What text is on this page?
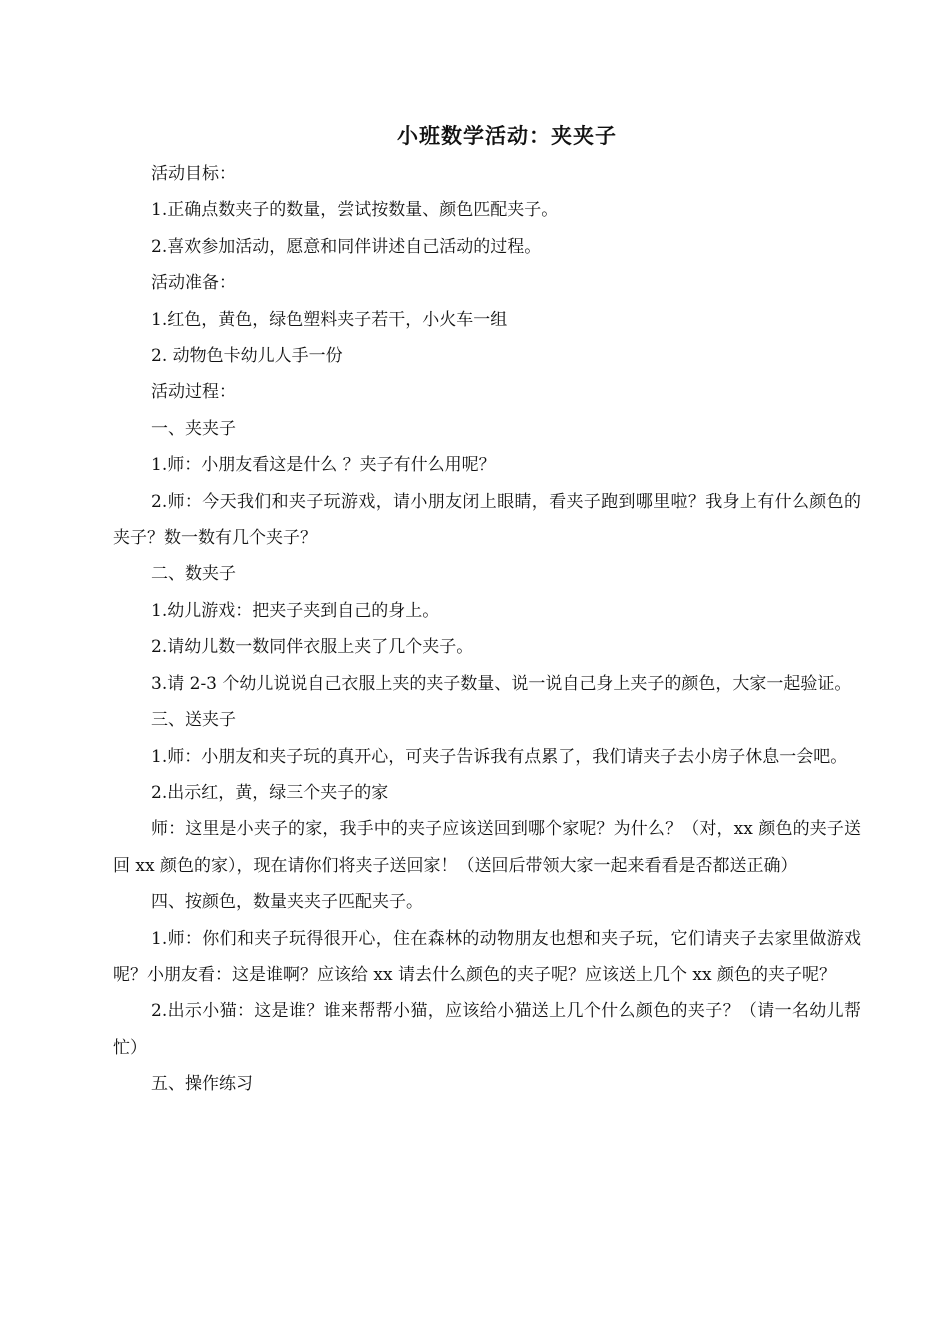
小班数学活动：夹夹子

活动目标：

1.正确点数夹子的数量，尝试按数量、颜色匹配夹子。

2.喜欢参加活动，愿意和同伴讲述自己活动的过程。

活动准备：

1.红色，黄色，绿色塑料夹子若干，小火车一组

2. 动物色卡幼儿人手一份

活动过程：

一、夹夹子

1.师：小朋友看这是什么 ？夹子有什么用呢？

2.师：今天我们和夹子玩游戏，请小朋友闭上眼睛，看夹子跑到哪里啦？我身上有什么颜色的夹子？数一数有几个夹子？

二、数夹子

1.幼儿游戏：把夹子夹到自己的身上。

2.请幼儿数一数同伴衣服上夹了几个夹子。

3.请 2-3 个幼儿说说自己衣服上夹的夹子数量、说一说自己身上夹子的颜色，大家一起验证。

三、送夹子

1.师：小朋友和夹子玩的真开心，可夹子告诉我有点累了，我们请夹子去小房子休息一会吧。

2.出示红，黄，绿三个夹子的家

师：这里是小夹子的家，我手中的夹子应该送回到哪个家呢？为什么？（对，xx 颜色的夹子送回 xx 颜色的家），现在请你们将夹子送回家！（送回后带领大家一起来看看是否都送正确）

四、按颜色，数量夹夹子匹配夹子。

1.师：你们和夹子玩得很开心，住在森林的动物朋友也想和夹子玩，它们请夹子去家里做游戏呢？小朋友看：这是谁啊？应该给 xx 请去什么颜色的夹子呢？应该送上几个 xx 颜色的夹子呢？

2.出示小猫：这是谁？谁来帮帮小猫，应该给小猫送上几个什么颜色的夹子？（请一名幼儿帮忙）

五、操作练习
